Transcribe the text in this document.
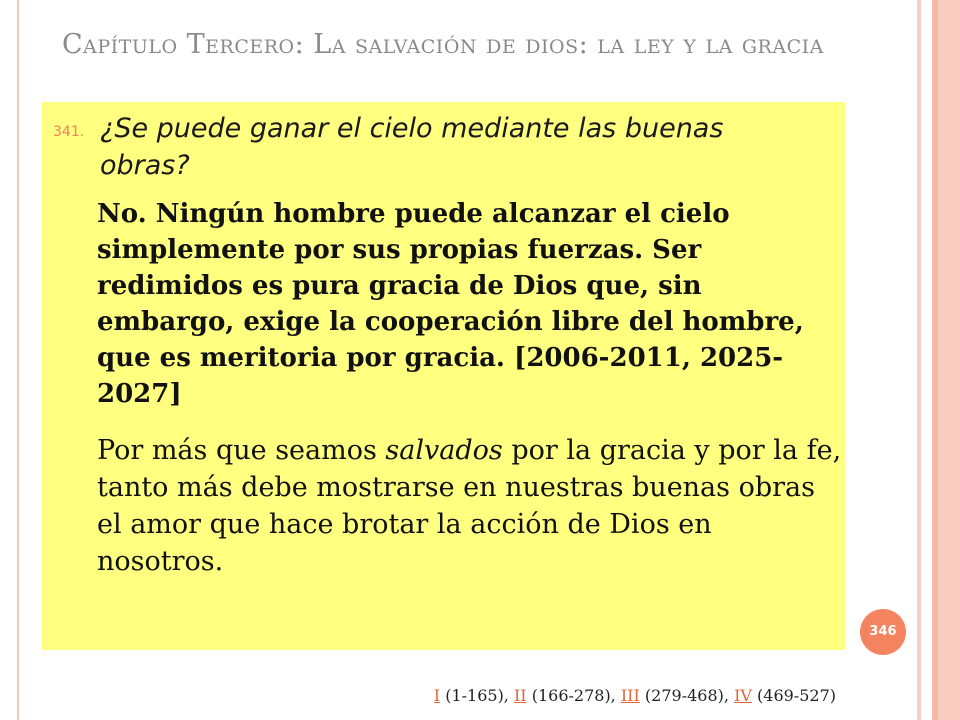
Capítulo Tercero: La salvación de dios: la ley y la gracia
341. ¿Se puede ganar el cielo mediante las buenas obras?
No. Ningún hombre puede alcanzar el cielo simplemente por sus propias fuerzas. Ser redimidos es pura gracia de Dios que, sin embargo, exige la cooperación libre del hombre, que es meritoria por gracia. [2006-2011, 2025-2027]
Por más que seamos salvados por la gracia y por la fe, tanto más debe mostrarse en nuestras buenas obras el amor que hace brotar la acción de Dios en nosotros.
346
I (1-165), II (166-278), III (279-468), IV (469-527)
